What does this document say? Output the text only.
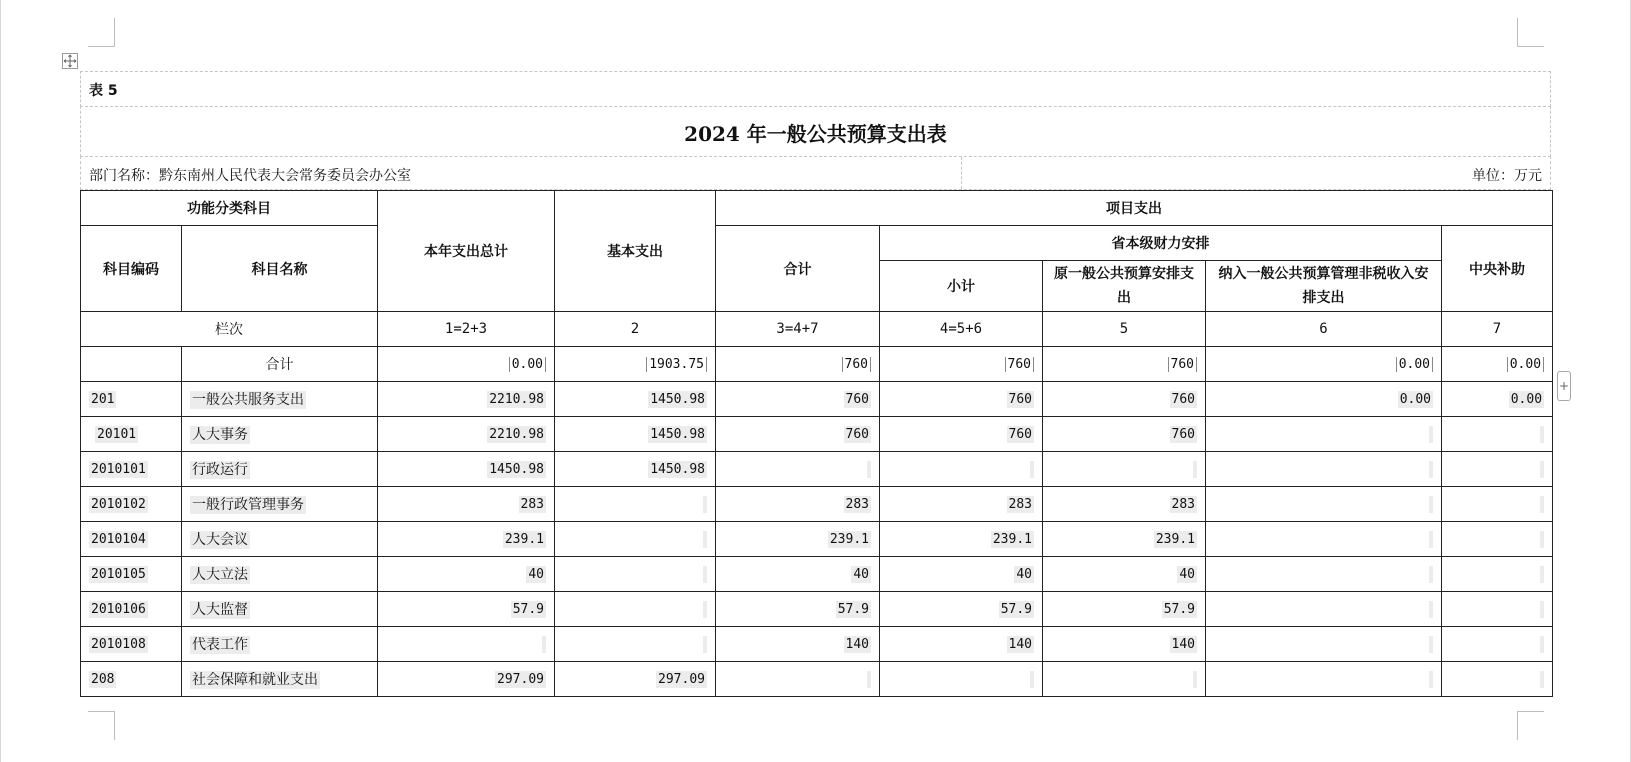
+
表 5
2024 年一般公共预算支出表
部门名称：黔东南州人民代表大会常务委员会办公室	单位：万元
功能分类科目		本年支出总计	基本支出	项目支出				
科目编码	科目名称			合计	省本级财力安排			中央补助
					小计	原一般公共预算安排支出	纳入一般公共预算管理非税收入安排支出	
栏次		1=2+3	2	3=4+7	4=5+6	5	6	7
	合计	0.00	1903.75	760	760	760	0.00	0.00
201	一般公共服务支出	2210.98	1450.98	760	760	760	0.00	0.00
20101	人大事务	2210.98	1450.98	760	760	760		
2010101	行政运行	1450.98	1450.98					
2010102	一般行政管理事务	283		283	283	283		
2010104	人大会议	239.1		239.1	239.1	239.1		
2010105	人大立法	40		40	40	40		
2010106	人大监督	57.9		57.9	57.9	57.9		
2010108	代表工作			140	140	140		
208	社会保障和就业支出	297.09	297.09					
